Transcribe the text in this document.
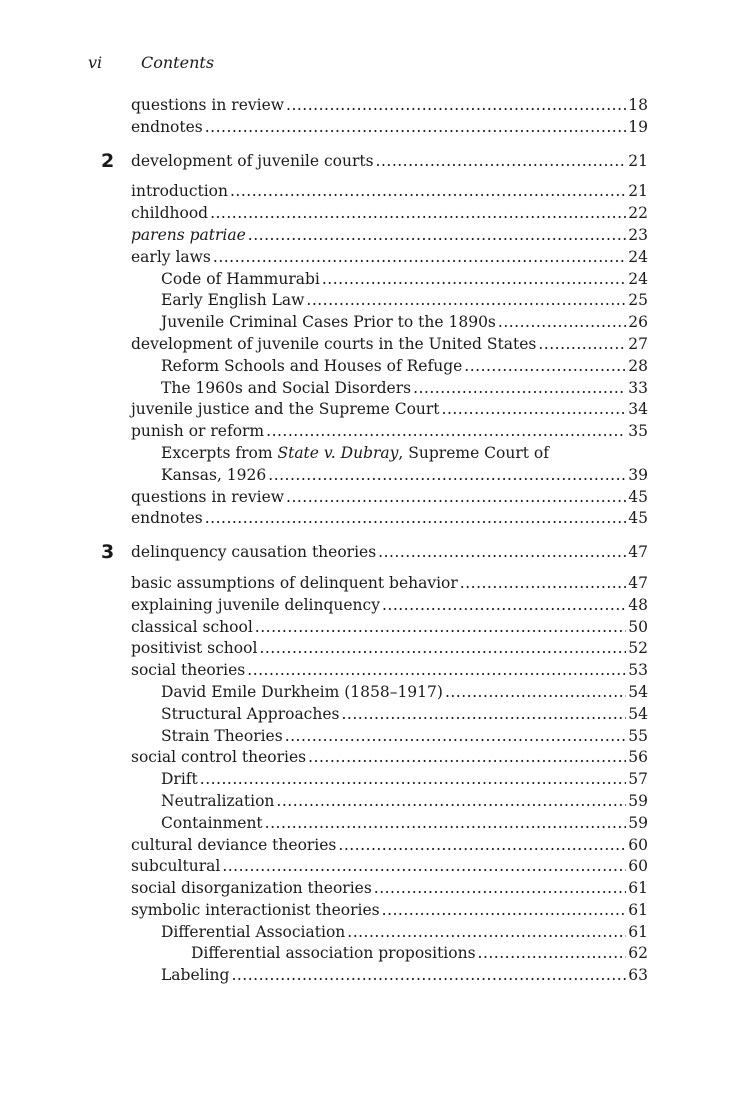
vi	Contents
questions in review .....	18
endnotes .....	19
2 development of juvenile courts .....	21
introduction .....	21
childhood .....	22
parens patriae .....	23
early laws .....	24
Code of Hammurabi .....	24
Early English Law .....	25
Juvenile Criminal Cases Prior to the 1890s .....	26
development of juvenile courts in the United States .....	27
Reform Schools and Houses of Refuge .....	28
The 1960s and Social Disorders .....	33
juvenile justice and the Supreme Court .....	34
punish or reform .....	35
Excerpts from State v. Dubray, Supreme Court of
Kansas, 1926 .....	39
questions in review .....	45
endnotes .....	45
3 delinquency causation theories .....	47
basic assumptions of delinquent behavior .....	47
explaining juvenile delinquency .....	48
classical school .....	50
positivist school .....	52
social theories .....	53
David Emile Durkheim (1858–1917) .....	54
Structural Approaches .....	54
Strain Theories .....	55
social control theories .....	56
Drift .....	57
Neutralization .....	59
Containment .....	59
cultural deviance theories .....	60
subcultural .....	60
social disorganization theories .....	61
symbolic interactionist theories .....	61
Differential Association .....	61
Differential association propositions .....	62
Labeling .....	63
